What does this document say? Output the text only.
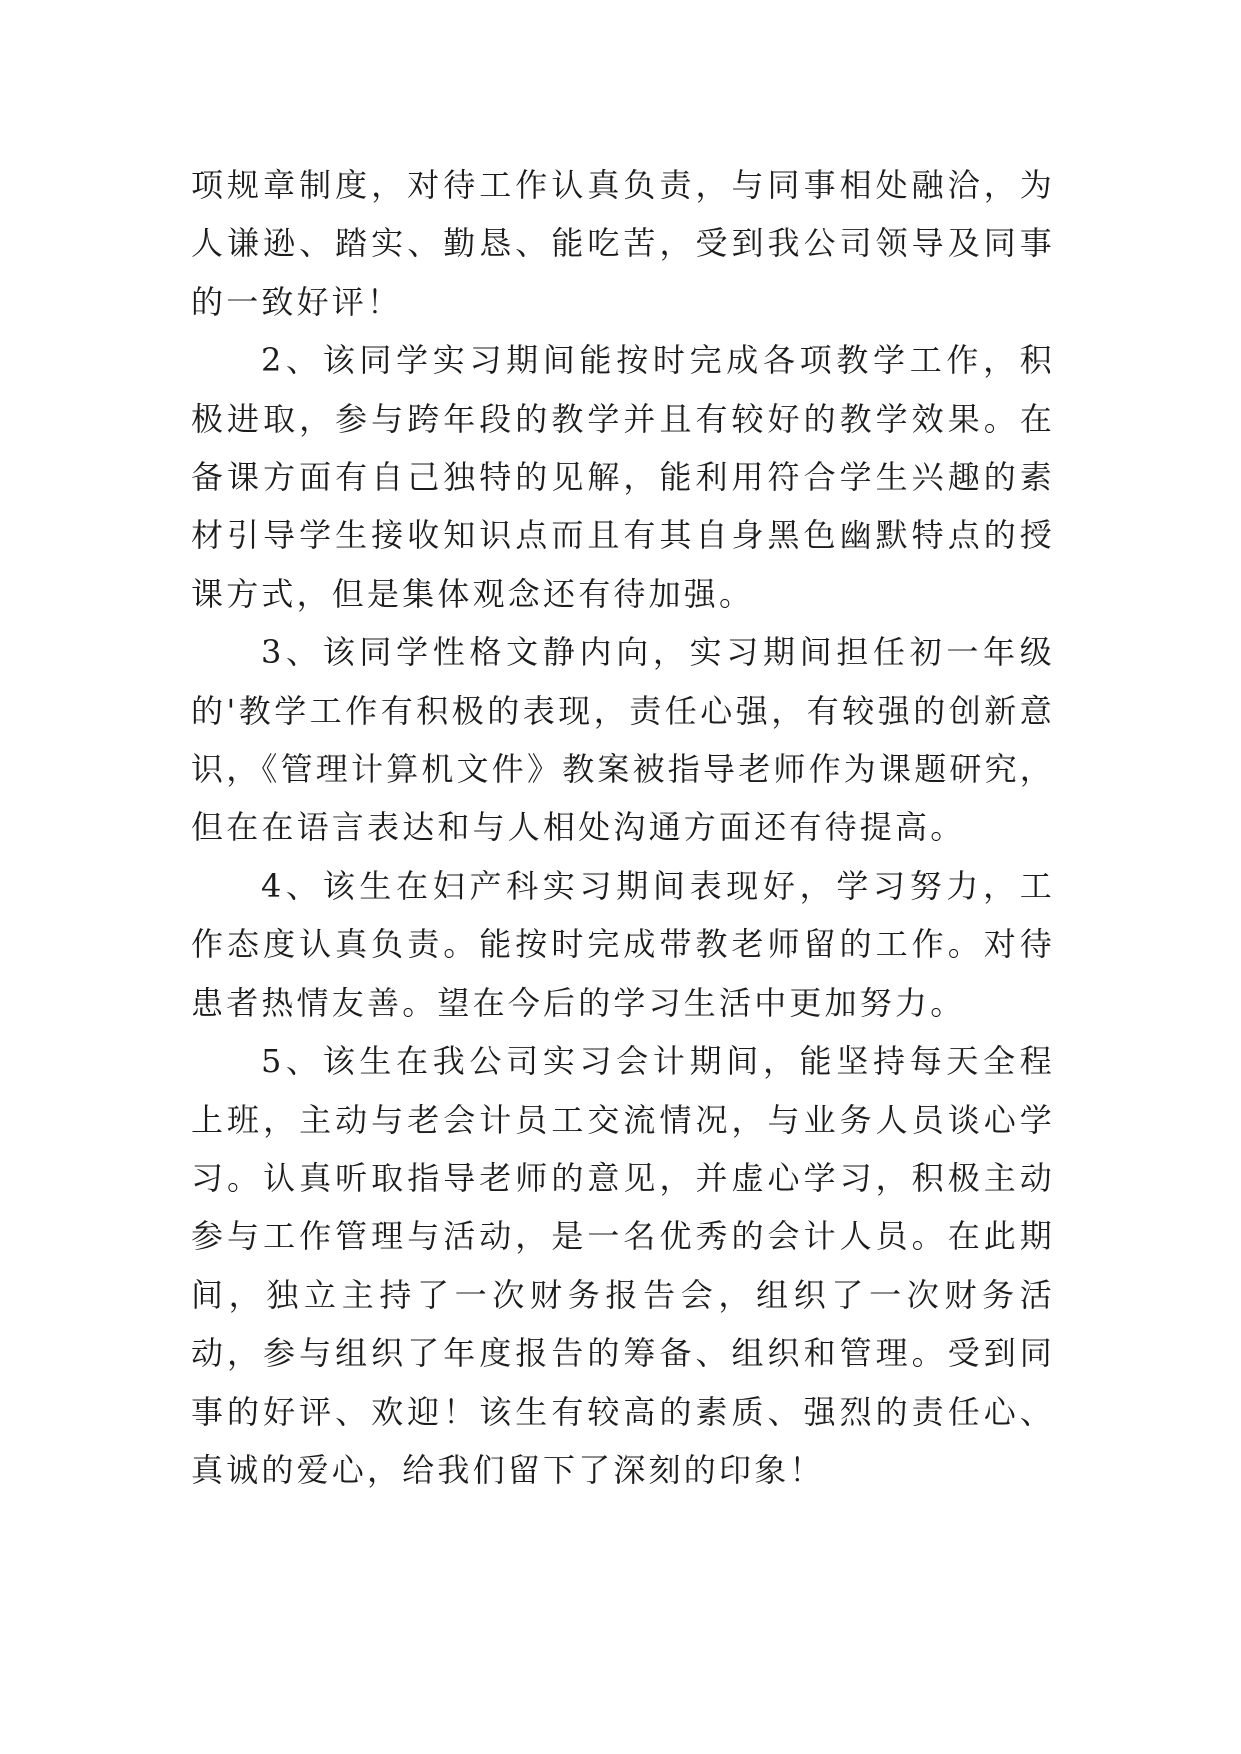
项规章制度，对待工作认真负责，与同事相处融洽，为人谦逊、踏实、勤恳、能吃苦，受到我公司领导及同事的一致好评！

2、该同学实习期间能按时完成各项教学工作，积极进取，参与跨年段的教学并且有较好的教学效果。在备课方面有自己独特的见解，能利用符合学生兴趣的素材引导学生接收知识点而且有其自身黑色幽默特点的授课方式，但是集体观念还有待加强。

3、该同学性格文静内向，实习期间担任初一年级的'教学工作有积极的表现，责任心强，有较强的创新意识，《管理计算机文件》教案被指导老师作为课题研究，但在在语言表达和与人相处沟通方面还有待提高。

4、该生在妇产科实习期间表现好，学习努力，工作态度认真负责。能按时完成带教老师留的工作。对待患者热情友善。望在今后的学习生活中更加努力。

5、该生在我公司实习会计期间，能坚持每天全程上班，主动与老会计员工交流情况，与业务人员谈心学习。认真听取指导老师的意见，并虚心学习，积极主动参与工作管理与活动，是一名优秀的会计人员。在此期间，独立主持了一次财务报告会，组织了一次财务活动，参与组织了年度报告的筹备、组织和管理。受到同事的好评、欢迎！该生有较高的素质、强烈的责任心、真诚的爱心，给我们留下了深刻的印象！
